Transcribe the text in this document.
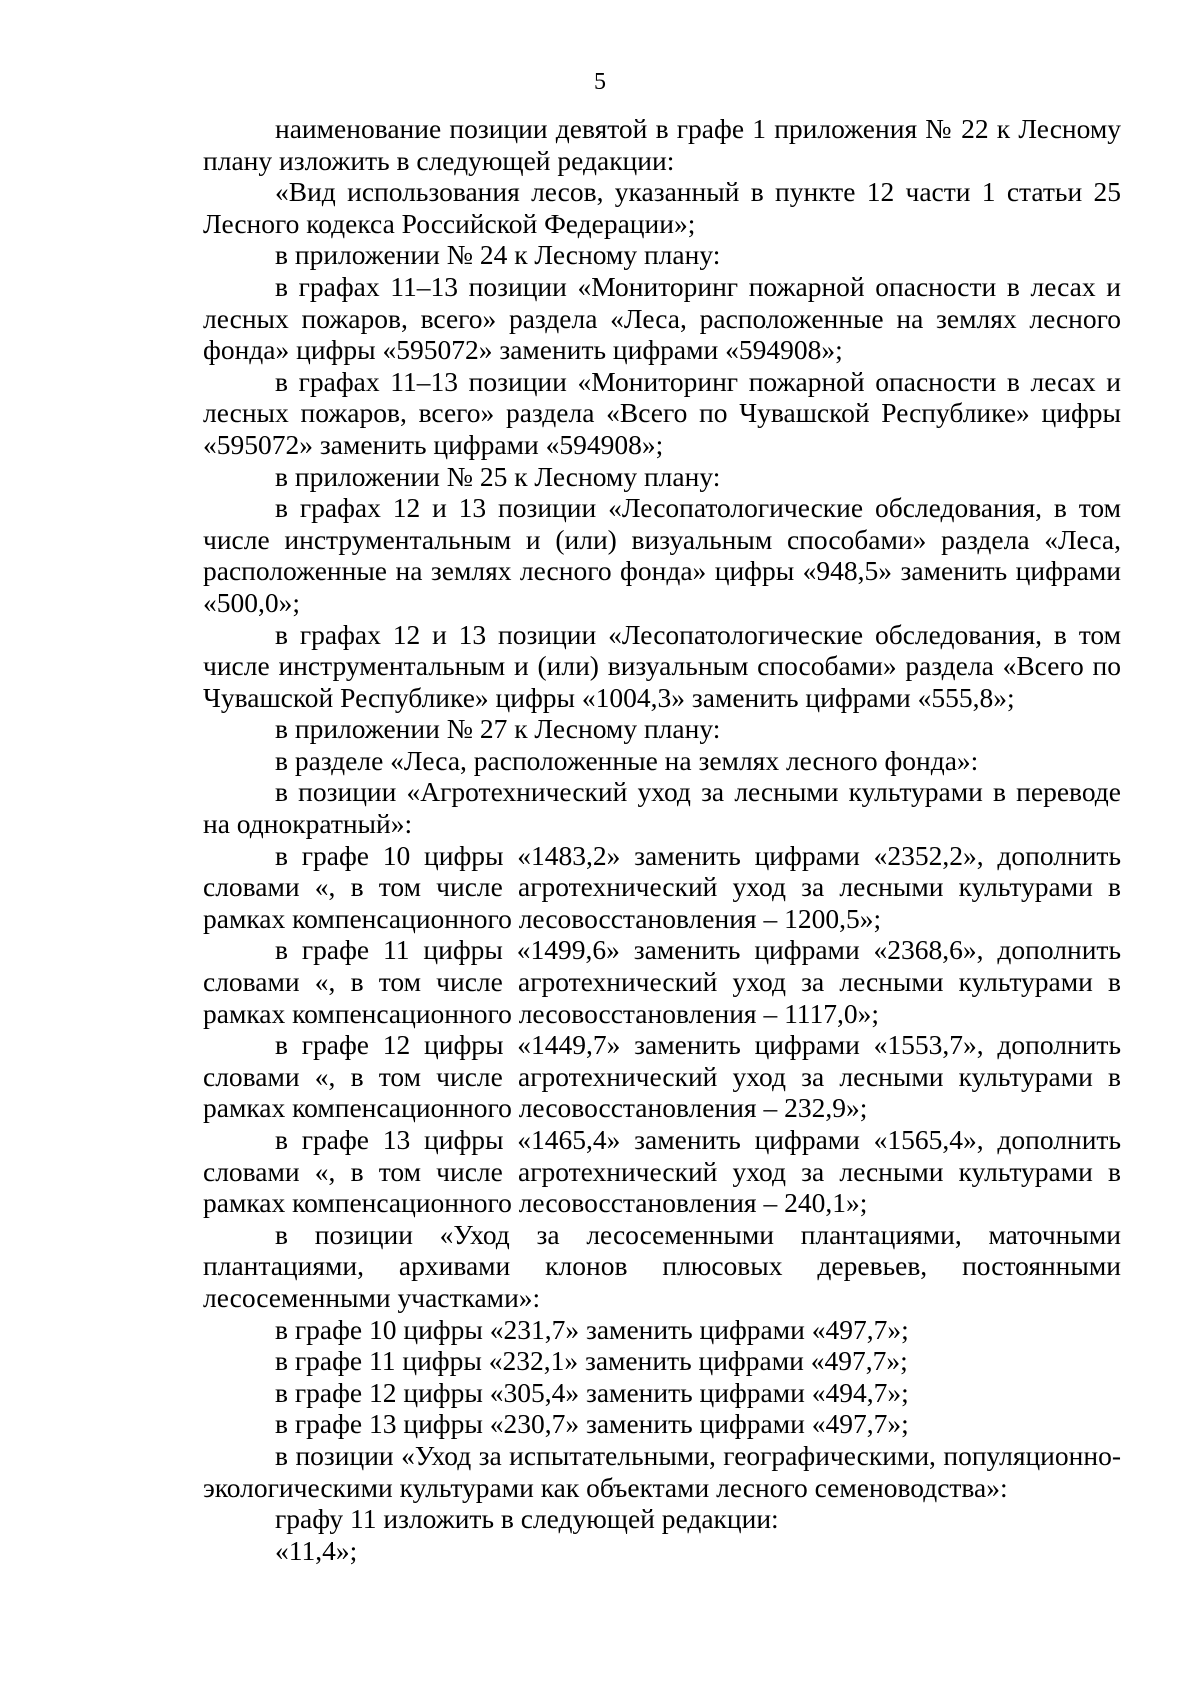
5

наименование позиции девятой в графе 1 приложения № 22 к Лесному плану изложить в следующей редакции:

«Вид использования лесов, указанный в пункте 12 части 1 статьи 25 Лесного кодекса Российской Федерации»;

в приложении № 24 к Лесному плану:

в графах 11–13 позиции «Мониторинг пожарной опасности в лесах и лесных пожаров, всего» раздела «Леса, расположенные на землях лесного фонда» цифры «595072» заменить цифрами «594908»;

в графах 11–13 позиции «Мониторинг пожарной опасности в лесах и лесных пожаров, всего» раздела «Всего по Чувашской Республике» цифры «595072» заменить цифрами «594908»;

в приложении № 25 к Лесному плану:

в графах 12 и 13 позиции «Лесопатологические обследования, в том числе инструментальным и (или) визуальным способами» раздела «Леса, расположенные на землях лесного фонда» цифры «948,5» заменить цифрами «500,0»;

в графах 12 и 13 позиции «Лесопатологические обследования, в том числе инструментальным и (или) визуальным способами» раздела «Всего по Чувашской Республике» цифры «1004,3» заменить цифрами «555,8»;

в приложении № 27 к Лесному плану:

в разделе «Леса, расположенные на землях лесного фонда»:

в позиции «Агротехнический уход за лесными культурами в переводе на однократный»:

в графе 10 цифры «1483,2» заменить цифрами «2352,2», дополнить словами «, в том числе агротехнический уход за лесными культурами в рамках компенсационного лесовосстановления – 1200,5»;

в графе 11 цифры «1499,6» заменить цифрами «2368,6», дополнить словами «, в том числе агротехнический уход за лесными культурами в рамках компенсационного лесовосстановления – 1117,0»;

в графе 12 цифры «1449,7» заменить цифрами «1553,7», дополнить словами «, в том числе агротехнический уход за лесными культурами в рамках компенсационного лесовосстановления – 232,9»;

в графе 13 цифры «1465,4» заменить цифрами «1565,4», дополнить словами «, в том числе агротехнический уход за лесными культурами в рамках компенсационного лесовосстановления – 240,1»;

в позиции «Уход за лесосеменными плантациями, маточными плантациями, архивами клонов плюсовых деревьев, постоянными лесосеменными участками»:

в графе 10 цифры «231,7» заменить цифрами «497,7»;

в графе 11 цифры «232,1» заменить цифрами «497,7»;

в графе 12 цифры «305,4» заменить цифрами «494,7»;

в графе 13 цифры «230,7» заменить цифрами «497,7»;

в позиции «Уход за испытательными, географическими, популяционно-экологическими культурами как объектами лесного семеноводства»:

графу 11 изложить в следующей редакции:

«11,4»;
